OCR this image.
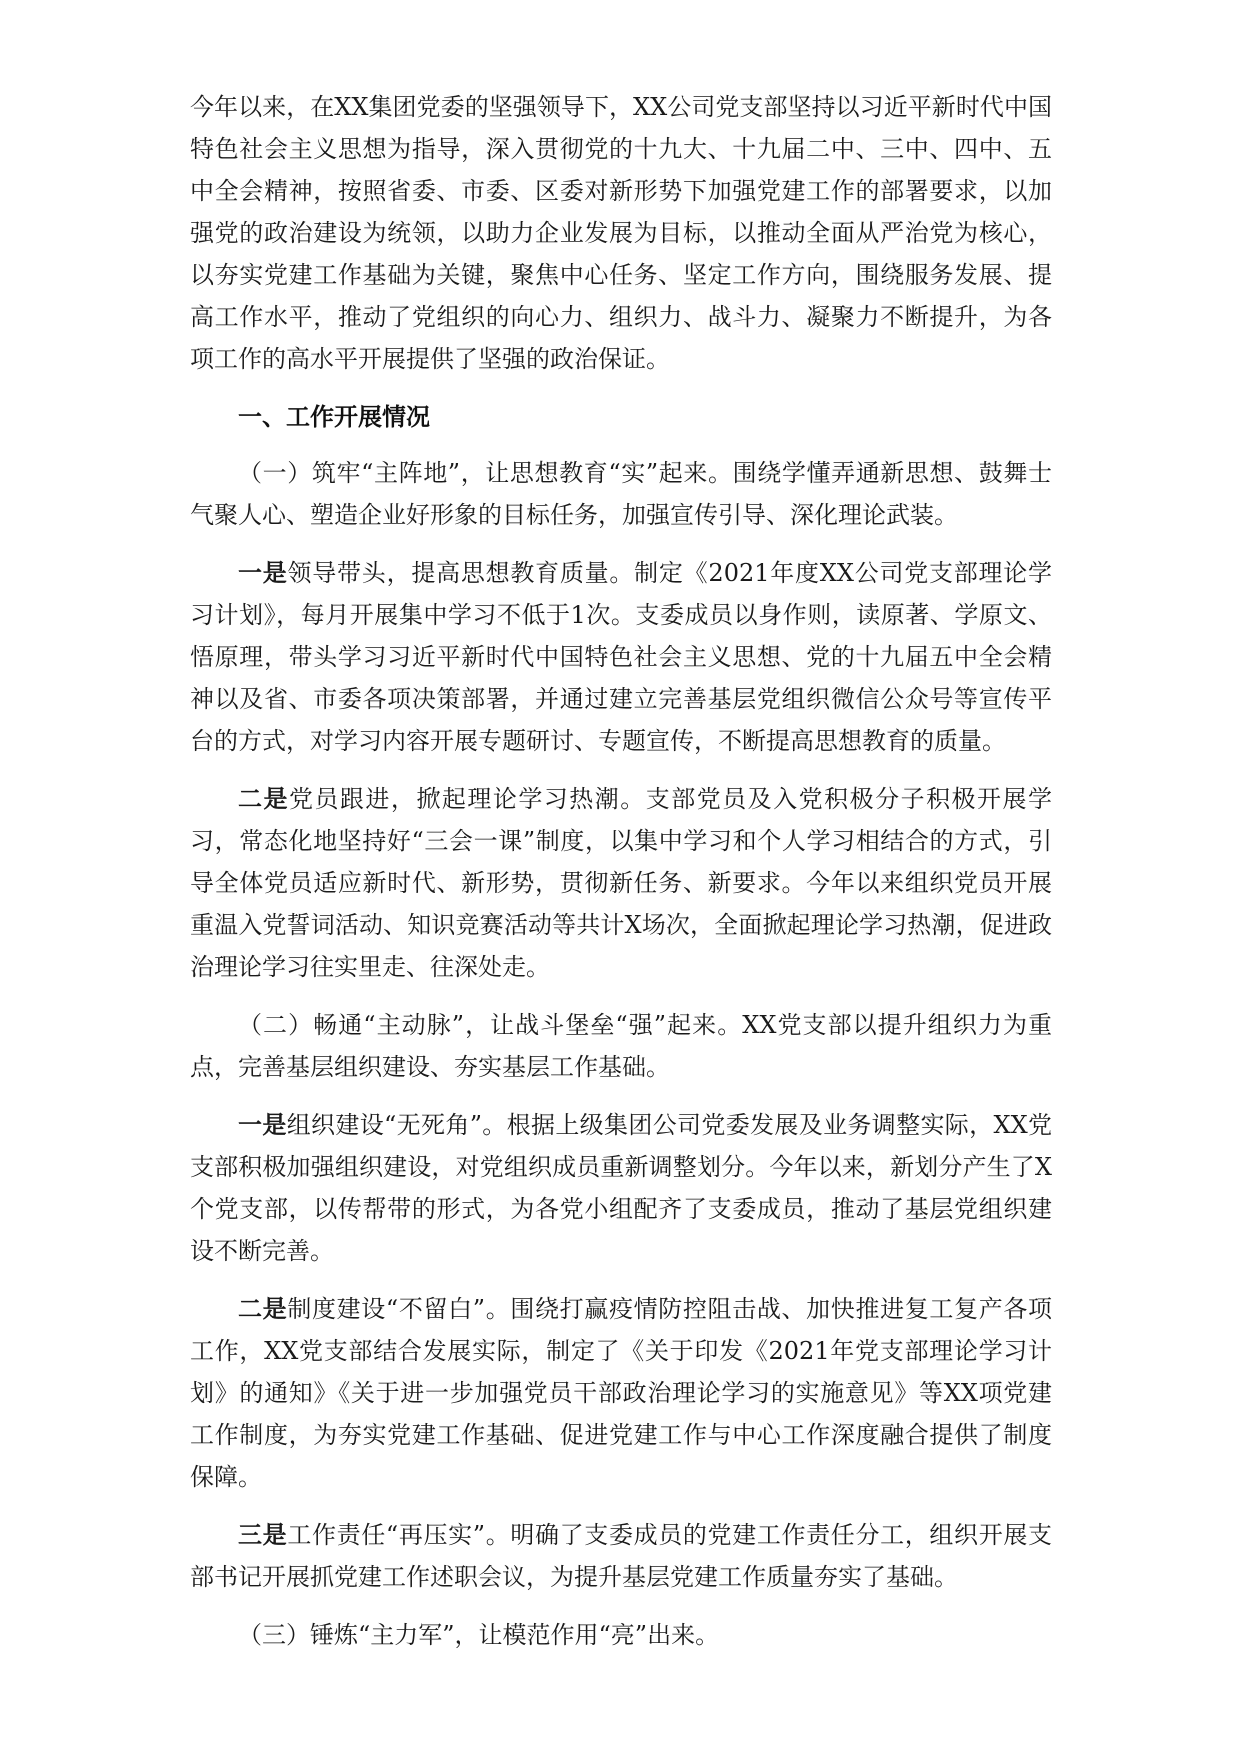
今年以来，在XX集团党委的坚强领导下，XX公司党支部坚持以习近平新时代中国特色社会主义思想为指导，深入贯彻党的十九大、十九届二中、三中、四中、五中全会精神，按照省委、市委、区委对新形势下加强党建工作的部署要求，以加强党的政治建设为统领，以助力企业发展为目标，以推动全面从严治党为核心，以夯实党建工作基础为关键，聚焦中心任务、坚定工作方向，围绕服务发展、提高工作水平，推动了党组织的向心力、组织力、战斗力、凝聚力不断提升，为各项工作的高水平开展提供了坚强的政治保证。

一、工作开展情况

（一）筑牢“主阵地”，让思想教育“实”起来。围绕学懂弄通新思想、鼓舞士气聚人心、塑造企业好形象的目标任务，加强宣传引导、深化理论武装。

一是领导带头，提高思想教育质量。制定《2021年度XX公司党支部理论学习计划》，每月开展集中学习不低于1次。支委成员以身作则，读原著、学原文、悟原理，带头学习习近平新时代中国特色社会主义思想、党的十九届五中全会精神以及省、市委各项决策部署，并通过建立完善基层党组织微信公众号等宣传平台的方式，对学习内容开展专题研讨、专题宣传，不断提高思想教育的质量。

二是党员跟进，掀起理论学习热潮。支部党员及入党积极分子积极开展学习，常态化地坚持好“三会一课”制度，以集中学习和个人学习相结合的方式，引导全体党员适应新时代、新形势，贯彻新任务、新要求。今年以来组织党员开展重温入党誓词活动、知识竞赛活动等共计X场次，全面掀起理论学习热潮，促进政治理论学习往实里走、往深处走。

（二）畅通“主动脉”，让战斗堡垒“强”起来。XX党支部以提升组织力为重点，完善基层组织建设、夯实基层工作基础。

一是组织建设“无死角”。根据上级集团公司党委发展及业务调整实际，XX党支部积极加强组织建设，对党组织成员重新调整划分。今年以来，新划分产生了X个党支部，以传帮带的形式，为各党小组配齐了支委成员，推动了基层党组织建设不断完善。

二是制度建设“不留白”。围绕打赢疫情防控阻击战、加快推进复工复产各项工作，XX党支部结合发展实际，制定了《关于印发《2021年党支部理论学习计划》的通知》《关于进一步加强党员干部政治理论学习的实施意见》等XX项党建工作制度，为夯实党建工作基础、促进党建工作与中心工作深度融合提供了制度保障。

三是工作责任“再压实”。明确了支委成员的党建工作责任分工，组织开展支部书记开展抓党建工作述职会议，为提升基层党建工作质量夯实了基础。

（三）锤炼“主力军”，让模范作用“亮”出来。
